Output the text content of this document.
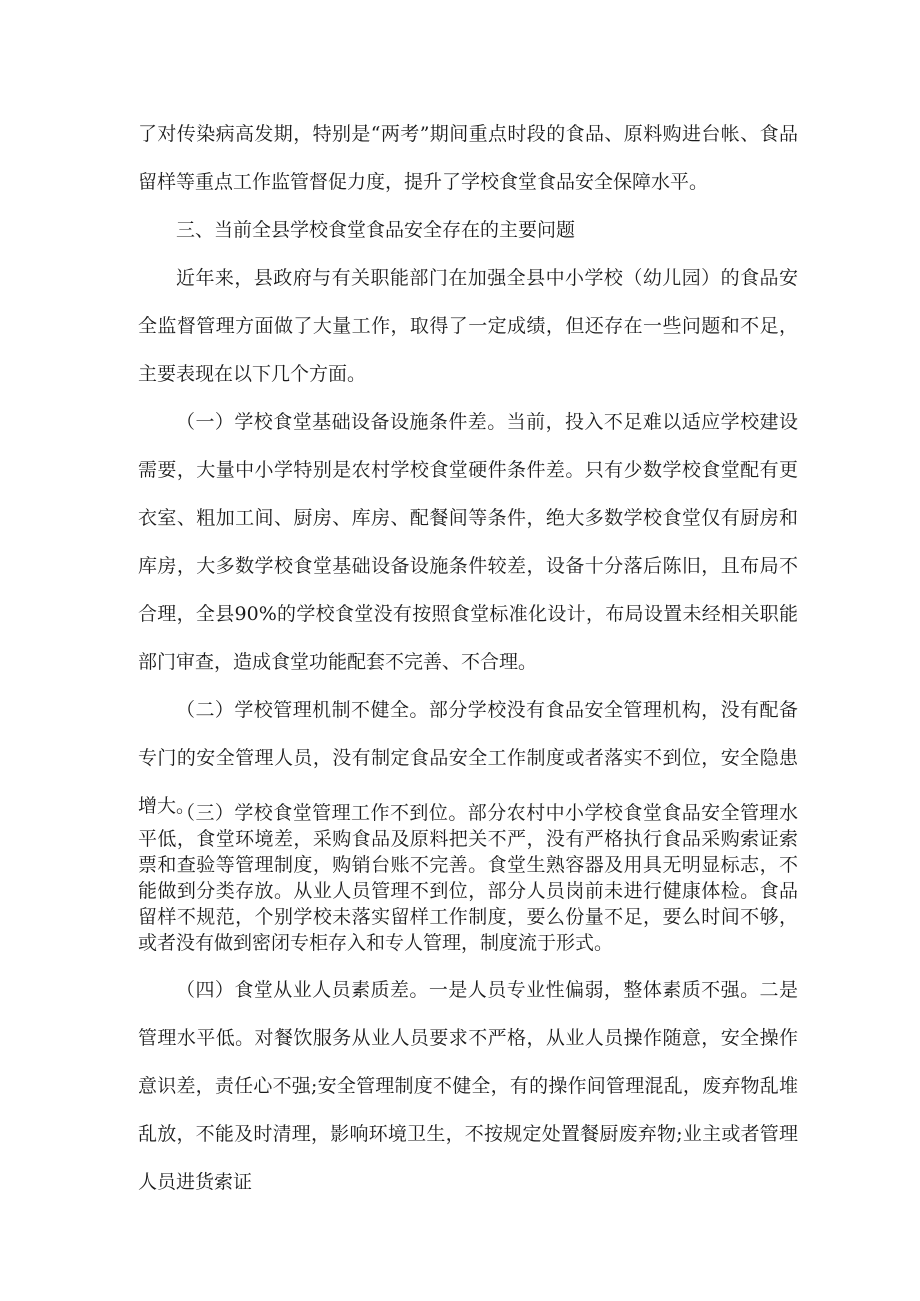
了对传染病高发期，特别是“两考”期间重点时段的食品、原料购进台帐、食品留样等重点工作监管督促力度，提升了学校食堂食品安全保障水平。

三、当前全县学校食堂食品安全存在的主要问题

近年来，县政府与有关职能部门在加强全县中小学校（幼儿园）的食品安全监督管理方面做了大量工作，取得了一定成绩，但还存在一些问题和不足，主要表现在以下几个方面。

（一）学校食堂基础设备设施条件差。当前，投入不足难以适应学校建设需要，大量中小学特别是农村学校食堂硬件条件差。只有少数学校食堂配有更衣室、粗加工间、厨房、库房、配餐间等条件，绝大多数学校食堂仅有厨房和库房，大多数学校食堂基础设备设施条件较差，设备十分落后陈旧，且布局不合理，全县90%的学校食堂没有按照食堂标准化设计，布局设置未经相关职能部门审查，造成食堂功能配套不完善、不合理。

（二）学校管理机制不健全。部分学校没有食品安全管理机构，没有配备专门的安全管理人员，没有制定食品安全工作制度或者落实不到位，安全隐患增大。

（三）学校食堂管理工作不到位。部分农村中小学校食堂食品安全管理水平低，食堂环境差，采购食品及原料把关不严，没有严格执行食品采购索证索票和查验等管理制度，购销台账不完善。食堂生熟容器及用具无明显标志，不能做到分类存放。从业人员管理不到位，部分人员岗前未进行健康体检。食品留样不规范，个别学校未落实留样工作制度，要么份量不足，要么时间不够，或者没有做到密闭专柜存入和专人管理，制度流于形式。

（四）食堂从业人员素质差。一是人员专业性偏弱，整体素质不强。二是管理水平低。对餐饮服务从业人员要求不严格，从业人员操作随意，安全操作意识差，责任心不强;安全管理制度不健全，有的操作间管理混乱，废弃物乱堆乱放，不能及时清理，影响环境卫生，不按规定处置餐厨废弃物;业主或者管理人员进货索证
